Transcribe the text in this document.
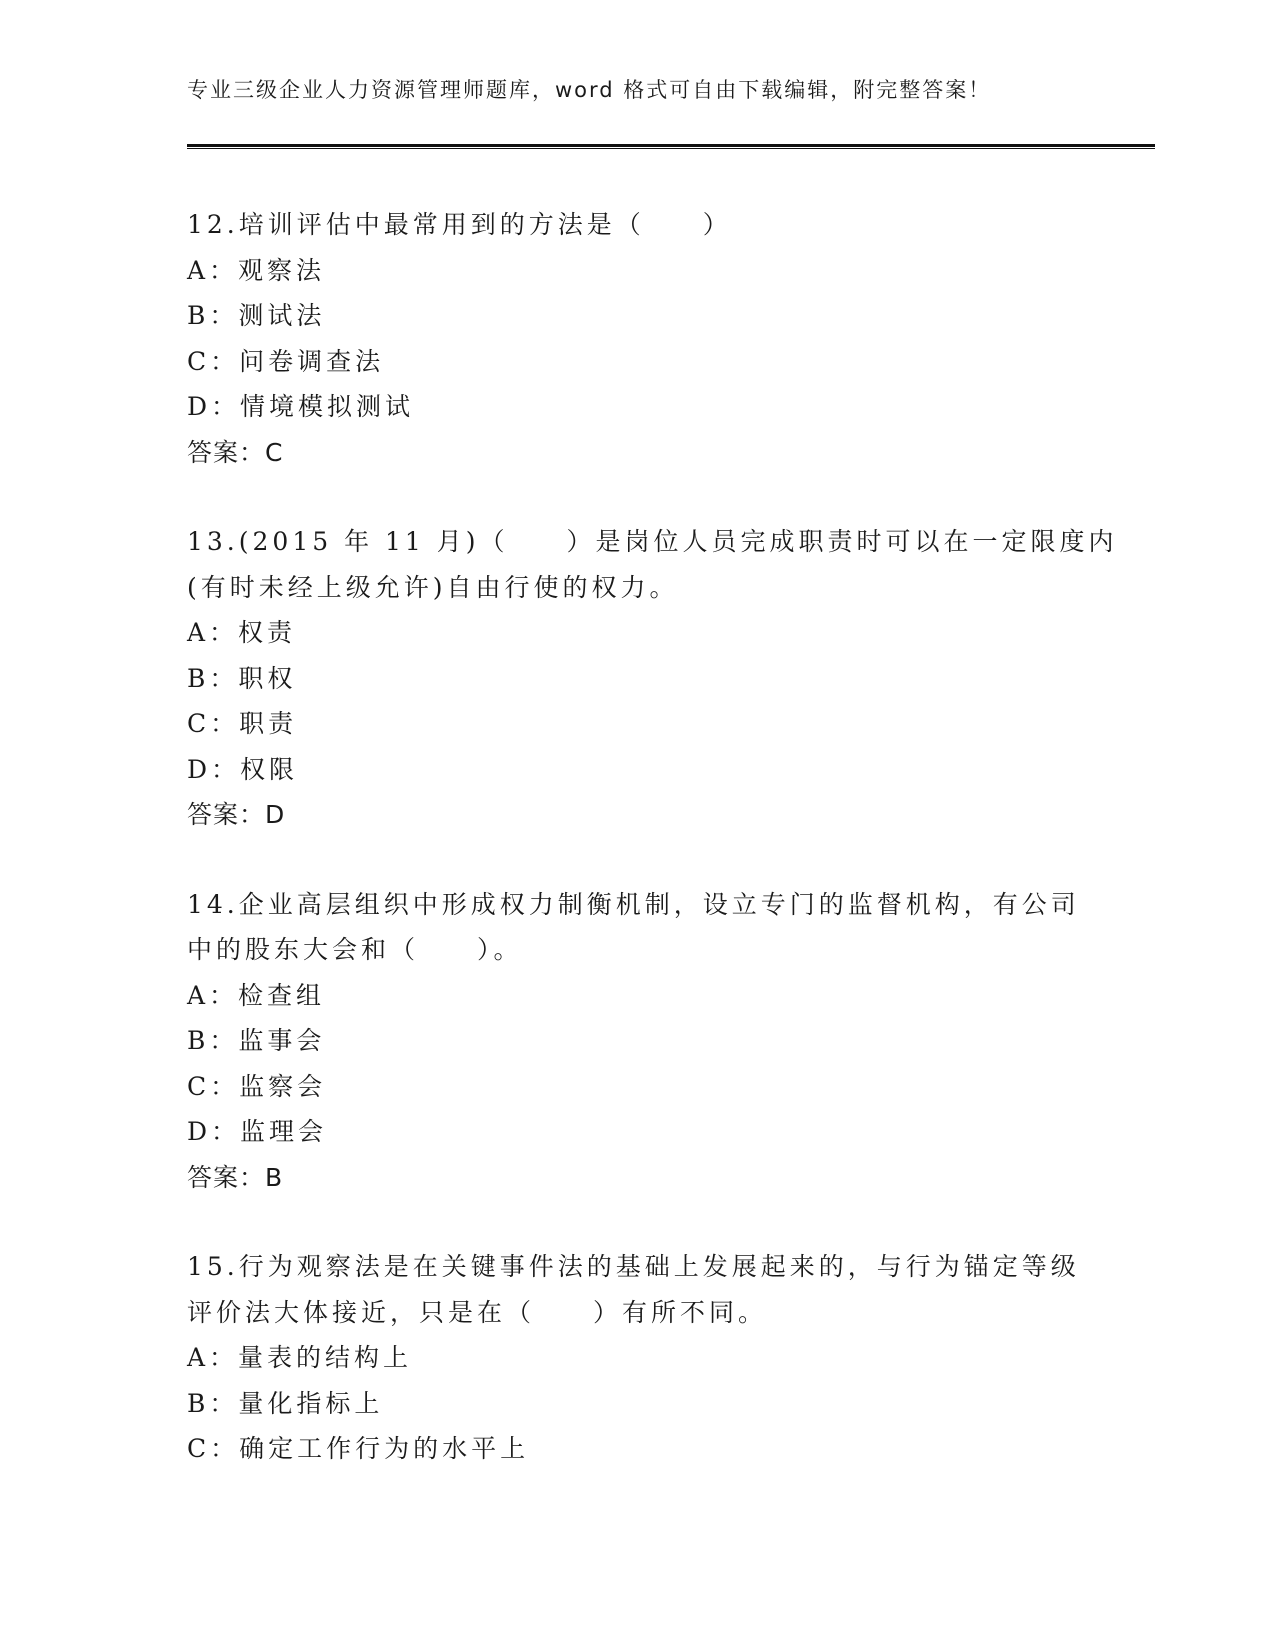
专业三级企业人力资源管理师题库，word 格式可自由下载编辑，附完整答案！
12.培训评估中最常用到的方法是（　　）
A：观察法
B：测试法
C：问卷调查法
D：情境模拟测试
答案：C
13.(2015 年 11 月)（　　）是岗位人员完成职责时可以在一定限度内
(有时未经上级允许)自由行使的权力。
A：权责
B：职权
C：职责
D：权限
答案：D
14.企业高层组织中形成权力制衡机制，设立专门的监督机构，有公司
中的股东大会和（　　）。
A：检查组
B：监事会
C：监察会
D：监理会
答案：B
15.行为观察法是在关键事件法的基础上发展起来的，与行为锚定等级
评价法大体接近，只是在（　　）有所不同。
A：量表的结构上
B：量化指标上
C：确定工作行为的水平上
